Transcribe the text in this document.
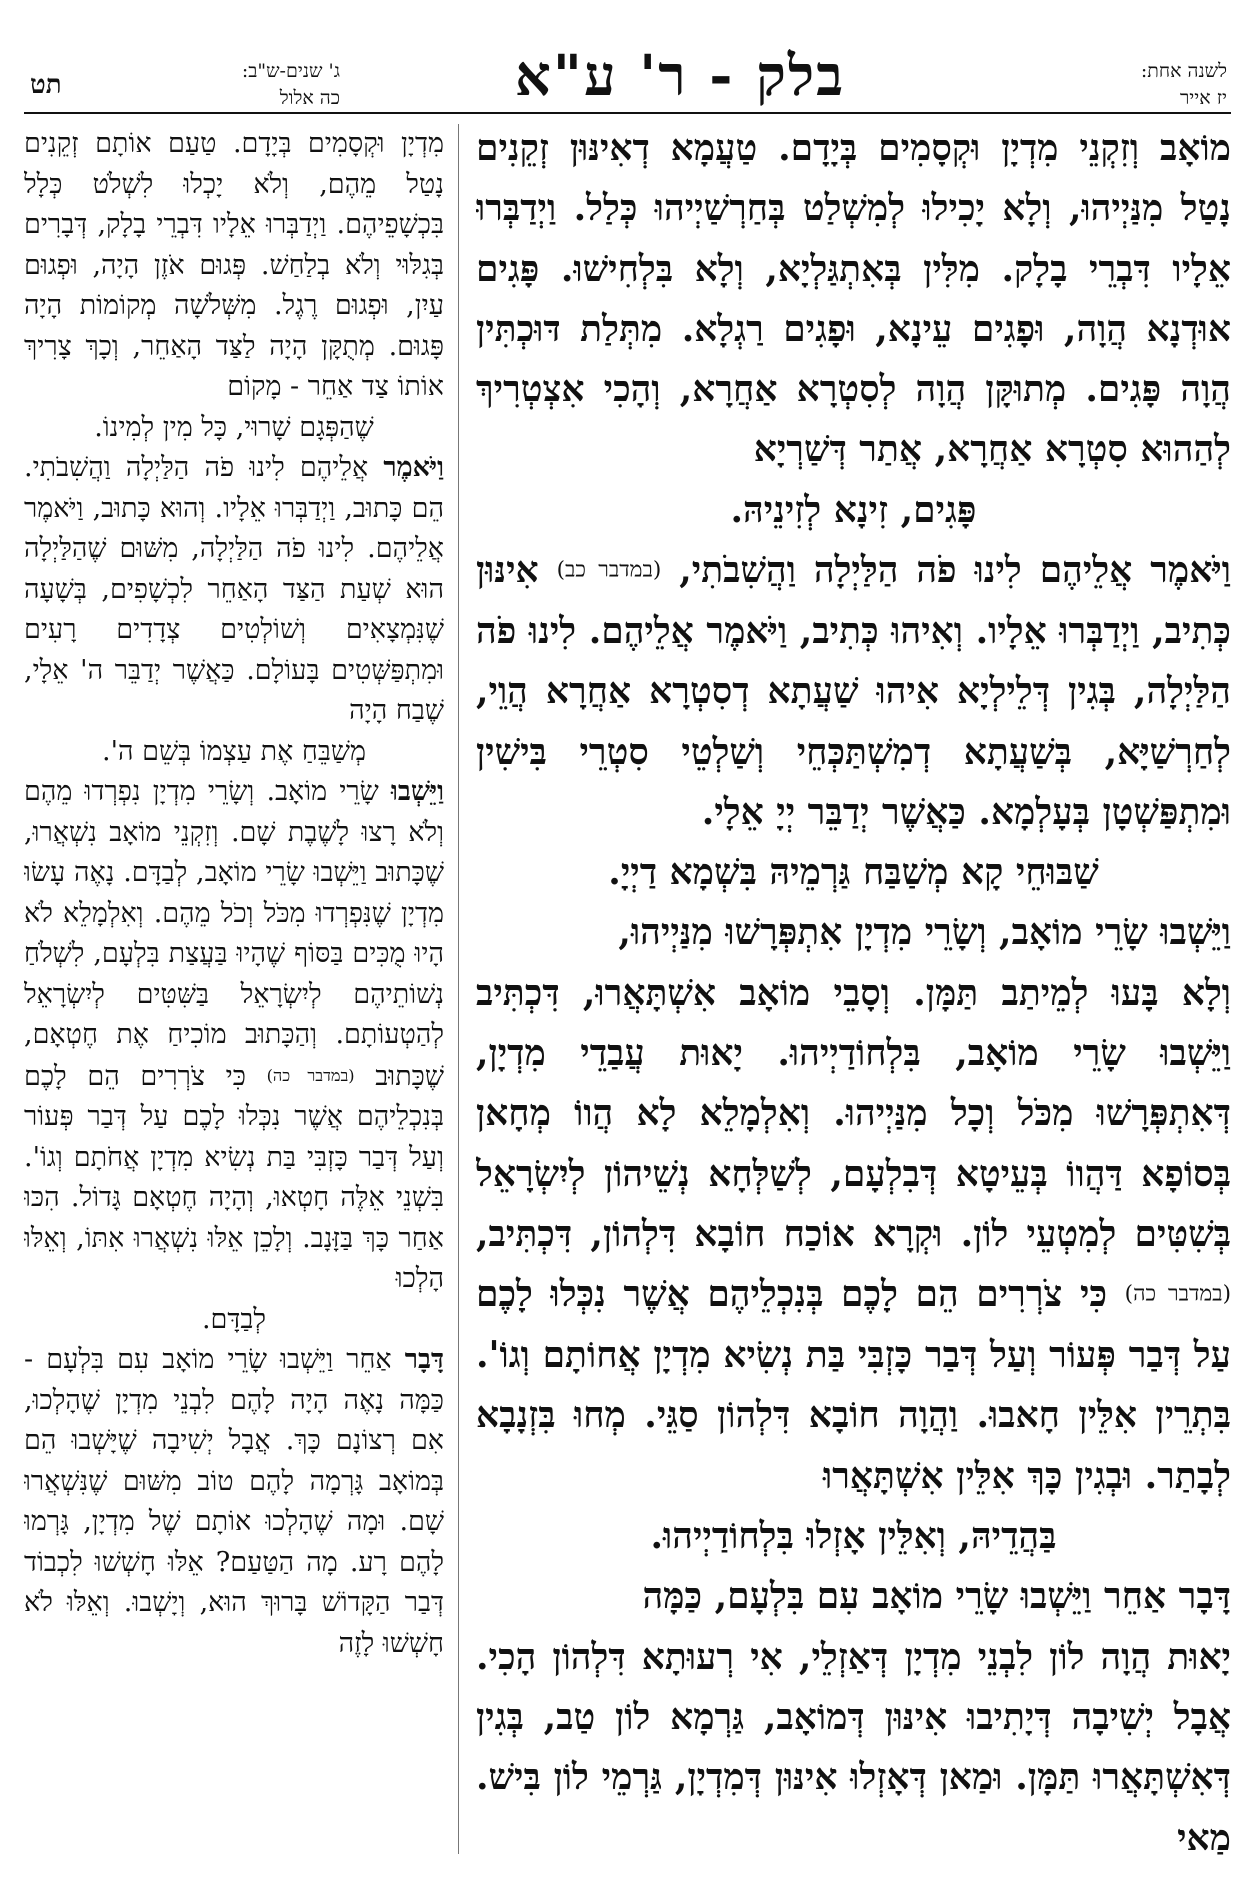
תט	ג' שנים-ש"ב:
כה אלול	בלק - ר' ע"א	לשנה אחת:
יז אייר

מוֹאָב וְזִקְנֵי מִדְיָן וּקְסָמִים בְּיָדָם. טַעֲמָא דְאִינּוּן זְקֵנִים נָטַל מִנַּיְיהוּ, וְלָא יָכִילוּ לְמִשְׁלַט בְּחַרְשַׁיְיהוּ כְּלַל. וַיְדַבְּרוּ אֵלָיו דִּבְרֵי בָלָק. מִלִּין בְּאִתְגַּלְיָא, וְלָא בִּלְחִישׁוּ. פָּגִים אוּדְנָא הֲוָה, וּפָגִים עֵינָא, וּפָגִים רַגְלָא. מִתְּלַת דּוּכְתִּין הֲוָה פָּגִים. מְתוּקָּן הֲוָה לְסִטְרָא אַחֲרָא, וְהָכִי אִצְטְרִיךְ לְהַהוּא סִטְרָא אַחֲרָא, אֲתַר דְּשַׁרְיָא

פָּגִים, זִינָא לְזִינֵיהּ.

וַיֹּאמֶר אֲלֵיהֶם לִינוּ פֹה הַלַּיְלָה וַהֲשִׁבֹתִי, (במדבר כב) אִינּוּן כְּתִיב, וַיְדַבְּרוּ אֵלָיו. וְאִיהוּ כְּתִיב, וַיֹּאמֶר אֲלֵיהֶם. לִינוּ פֹה הַלַּיְלָה, בְּגִין דְּלֵילְיָא אִיהוּ שַׁעֲתָא דְסִטְרָא אַחֲרָא הֲוֵי, לְחַרְשַׁיָּא, בְּשַׁעֲתָא דְמִשְׁתַּכְּחֵי וְשַׁלְטֵי סִטְרֵי בִּישִׁין וּמִתְפַּשְׁטָן בְּעָלְמָא. כַּאֲשֶׁר יְדַבֵּר יְיָ אֵלָי.

שַׁבּוּחֵי קָא מְשַׁבַּח גַּרְמֵיהּ בִּשְׁמָא דַיְיָ.

וַיֵּשְׁבוּ שָׂרֵי מוֹאָב, וְשָׂרֵי מִדְיָן אִתְפְּרָשׁוּ מִנַּיְיהוּ,

וְלָא בָּעוּ לְמֵיתַב תַּמָּן. וְסָבֵי מוֹאָב אִשְׁתָּאֲרוּ, דִּכְתִּיב וַיֵּשְׁבוּ שָׂרֵי מוֹאָב, בִּלְחוֹדַיְיהוּ. יָאוּת עֲבַדֵי מִדְיָן, דְּאִתְפְּרָשׁוּ מִכֹּל וְכָל מִנַּיְיהוּ. וְאִלְמָלֵא לָא הֲווֹ מְחָאן בְּסוֹפָא דַּהֲווֹ בְּעֵיטָא דְּבִלְעָם, לְשַׁלְּחָא נְשֵׁיהוֹן לְיִשְׂרָאֵל בְּשִׁטִּים לְמִטְעֵי לוֹן. וּקְרָא אוֹכַח חוֹבָא דִּלְהוֹן, דִּכְתִּיב, (במדבר כה) כִּי צֹרְרִים הֵם לָכֶם בְּנִכְלֵיהֶם אֲשֶׁר נִכְּלוּ לָכֶם עַל דְּבַר פְּעוֹר וְעַל דְּבַר כָּזְבִּי בַּת נְשִׂיא מִדְיָן אֲחוֹתָם וְגוֹ'. בִּתְרֵין אִלֵּין חָאבוּ. וַהֲוָה חוֹבָא דִּלְהוֹן סַגֵּי. מְחוּ בִּזְנָבָא לְבָתַר. וּבְגִין כָּךְ אִלֵּין אִשְׁתָּאֲרוּ

בַּהֲדֵיהּ, וְאִלֵּין אָזְלוּ בִּלְחוֹדַיְיהוּ.

דָּבָר אַחֵר וַיֵּשְׁבוּ שָׂרֵי מוֹאָב עִם בִּלְעָם, כַּמָּה

יָאוּת הֲוָה לוֹן לִבְנֵי מִדְיָן דְּאַזְלֵי, אִי רְעוּתָא דִּלְהוֹן הָכִי. אֲבָל יְשִׁיבָה דְּיָתִיבוּ אִינּוּן דְּמוֹאָב, גַּרְמָא לוֹן טַב, בְּגִין דְּאִשְׁתָּאֲרוּ תַּמָּן. וּמַאן דְּאָזְלוּ אִינּוּן דְּמִדְיָן, גַּרְמֵי לוֹן בִּישׁ. מַאי

מִדְיָן וּקְסָמִים בְּיָדָם. טַעַם אוֹתָם זְקֵנִים נָטַל מֵהֶם, וְלֹא יָכְלוּ לִשְׁלֹט כְּלָל בִּכְשָׁפֵיהֶם. וַיְדַבְּרוּ אֵלָיו דִּבְרֵי בָלָק, דְּבָרִים בְּגִלּוּי וְלֹא בְלַחַשׁ. פְּגוּם אֹזֶן הָיָה, וּפְגוּם עַיִן, וּפְגוּם רֶגֶל. מִשְּׁלֹשָׁה מְקוֹמוֹת הָיָה פָּגוּם. מְתֻקָּן הָיָה לַצַּד הָאַחֵר, וְכָךְ צָרִיךְ אוֹתוֹ צַד אַחֵר - מָקוֹם

שֶׁהַפְּגָם שָׁרוּי, כָּל מִין לְמִינוֹ.

וַיֹּאמֶר אֲלֵיהֶם לִינוּ פֹה הַלַּיְלָה וַהֲשִׁבֹתִי. הֵם כָּתוּב, וַיְדַבְּרוּ אֵלָיו. וְהוּא כָּתוּב, וַיֹּאמֶר אֲלֵיהֶם. לִינוּ פֹה הַלַּיְלָה, מִשּׁוּם שֶׁהַלַּיְלָה הוּא שְׁעַת הַצַּד הָאַחֵר לִכְשָׁפִים, בְּשָׁעָה שֶׁנִּמְצָאִים וְשׁוֹלְטִים צְדָדִים רָעִים וּמִתְפַּשְּׁטִים בָּעוֹלָם. כַּאֲשֶׁר יְדַבֵּר ה' אֵלָי, שֶׁבַח הָיָה

מְשַׁבֵּחַ אֶת עַצְמוֹ בְּשֵׁם ה'.

וַיֵּשְׁבוּ שָׂרֵי מוֹאָב. וְשָׂרֵי מִדְיָן נִפְרְדוּ מֵהֶם וְלֹא רָצוּ לָשֶׁבֶת שָׁם. וְזִקְנֵי מוֹאָב נִשְׁאֲרוּ, שֶׁכָּתוּב וַיֵּשְׁבוּ שָׂרֵי מוֹאָב, לְבַדָּם. נָאֶה עָשׂוּ מִדְיָן שֶׁנִּפְרְדוּ מִכֹּל וְכֹל מֵהֶם. וְאִלְמָלֵא לֹא הָיוּ מֻכִּים בַּסּוֹף שֶׁהָיוּ בַּעֲצַת בִּלְעָם, לִשְׁלֹחַ נְשׁוֹתֵיהֶם לְיִשְׂרָאֵל בַּשִּׁטִּים לְיִשְׂרָאֵל לְהַטְעוֹתָם. וְהַכָּתוּב מוֹכִיחַ אֶת חֶטְאָם, שֶׁכָּתוּב (במדבר כה) כִּי צֹרְרִים הֵם לָכֶם בְּנִכְלֵיהֶם אֲשֶׁר נִכְּלוּ לָכֶם עַל דְּבַר פְּעוֹר וְעַל דְּבַר כָּזְבִּי בַּת נְשִׂיא מִדְיָן אֲחֹתָם וְגוֹ'. בִּשְׁנֵי אֵלֶּה חָטְאוּ, וְהָיָה חֶטְאָם גָּדוֹל. הִכּוּ אַחַר כָּךְ בַּזָּנָב. וְלָכֵן אֵלּוּ נִשְׁאֲרוּ אִתּוֹ, וְאֵלּוּ הָלְכוּ

לְבַדָּם.

דָּבָר אַחֵר וַיֵּשְׁבוּ שָׂרֵי מוֹאָב עִם בִּלְעָם - כַּמָּה נָאֶה הָיָה לָהֶם לִבְנֵי מִדְיָן שֶׁהָלְכוּ, אִם רְצוֹנָם כָּךְ. אֲבָל יְשִׁיבָה שֶׁיָּשְׁבוּ הֵם בְּמוֹאָב גָּרְמָה לָהֶם טוֹב מִשּׁוּם שֶׁנִּשְׁאֲרוּ שָׁם. וּמָה שֶׁהָלְכוּ אוֹתָם שֶׁל מִדְיָן, גָּרְמוּ לָהֶם רָע. מָה הַטַּעַם? אֵלּוּ חָשְׁשׁוּ לִכְבוֹד דְּבַר הַקָּדוֹשׁ בָּרוּךְ הוּא, וְיָשְׁבוּ. וְאֵלּוּ לֹא חָשְׁשׁוּ לָזֶה
